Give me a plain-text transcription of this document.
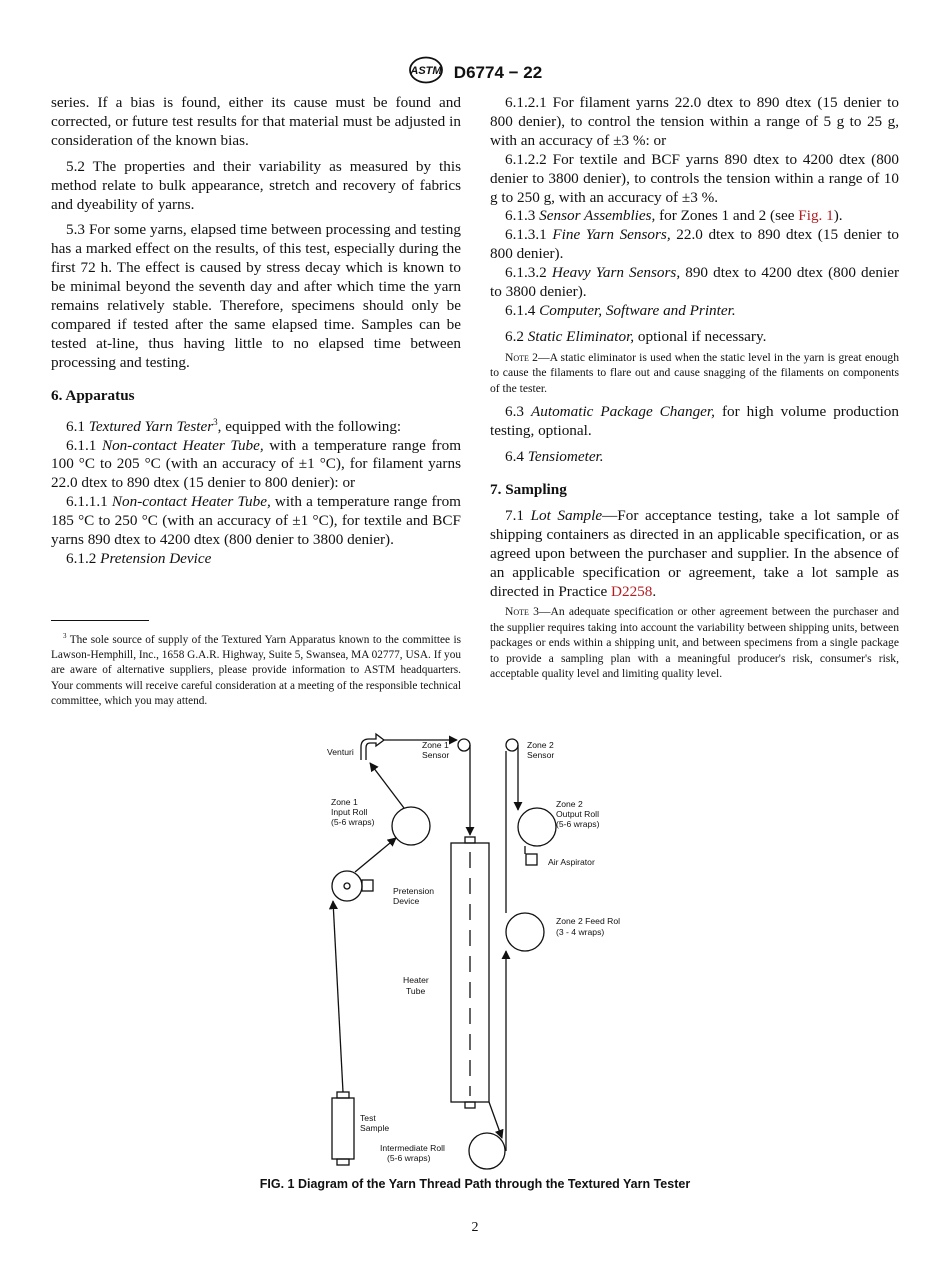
ASTM D6774 − 22

series. If a bias is found, either its cause must be found and corrected, or future test results for that material must be adjusted in consideration of the known bias.

5.2 The properties and their variability as measured by this method relate to bulk appearance, stretch and recovery of fabrics and dyeability of yarns.

5.3 For some yarns, elapsed time between processing and testing has a marked effect on the results, of this test, especially during the first 72 h. The effect is caused by stress decay which is known to be minimal beyond the seventh day and after which time the yarn remains relatively stable. Therefore, specimens should only be compared if tested after the same elapsed time. Samples can be tested at-line, thus having little to no elapsed time between processing and testing.

6. Apparatus

6.1 Textured Yarn Tester$^3$, equipped with the following:

6.1.1 Non-contact Heater Tube, with a temperature range from 100 °C to 205 °C (with an accuracy of ±1 °C), for filament yarns 22.0 dtex to 890 dtex (15 denier to 800 denier): or

6.1.1.1 Non-contact Heater Tube, with a temperature range from 185 °C to 250 °C (with an accuracy of ±1 °C), for textile and BCF yarns 890 dtex to 4200 dtex (800 denier to 3800 denier).

6.1.2 Pretension Device

$^3$ The sole source of supply of the Textured Yarn Apparatus known to the committee is Lawson-Hemphill, Inc., 1658 G.A.R. Highway, Suite 5, Swansea, MA 02777, USA. If you are aware of alternative suppliers, please provide information to ASTM headquarters. Your comments will receive careful consideration at a meeting of the responsible technical committee, which you may attend.

6.1.2.1 For filament yarns 22.0 dtex to 890 dtex (15 denier to 800 denier), to control the tension within a range of 5 g to 25 g, with an accuracy of ±3 %: or

6.1.2.2 For textile and BCF yarns 890 dtex to 4200 dtex (800 denier to 3800 denier), to controls the tension within a range of 10 g to 250 g, with an accuracy of ±3 %.

6.1.3 Sensor Assemblies, for Zones 1 and 2 (see Fig. 1).

6.1.3.1 Fine Yarn Sensors, 22.0 dtex to 890 dtex (15 denier to 800 denier).

6.1.3.2 Heavy Yarn Sensors, 890 dtex to 4200 dtex (800 denier to 3800 denier).

6.1.4 Computer, Software and Printer.

6.2 Static Eliminator, optional if necessary.

Note 2—A static eliminator is used when the static level in the yarn is great enough to cause the filaments to flare out and cause snagging of the filaments on components of the tester.

6.3 Automatic Package Changer, for high volume production testing, optional.

6.4 Tensiometer.

7. Sampling

7.1 Lot Sample—For acceptance testing, take a lot sample of shipping containers as directed in an applicable specification, or as agreed upon between the purchaser and supplier. In the absence of an applicable specification or agreement, take a lot sample as directed in Practice D2258.

Note 3—An adequate specification or other agreement between the purchaser and the supplier requires taking into account the variability between shipping units, between packages or ends within a shipping unit, and between specimens from a single package to provide a sampling plan with a meaningful producer's risk, consumer's risk, acceptable quality level and limiting quality level.

Venturi
Zone 1
Sensor
Zone 2
Sensor
Zone 1
Input Roll
(5-6 wraps)
Zone 2
Output Roll
(5-6 wraps)
Air Aspirator
Pretension
Device
Zone 2 Feed Roll
(3 - 4 wraps)
Heater
Tube
Test
Sample
Intermediate Roll
(5-6 wraps)
FIG. 1 Diagram of the Yarn Thread Path through the Textured Yarn Tester
2
